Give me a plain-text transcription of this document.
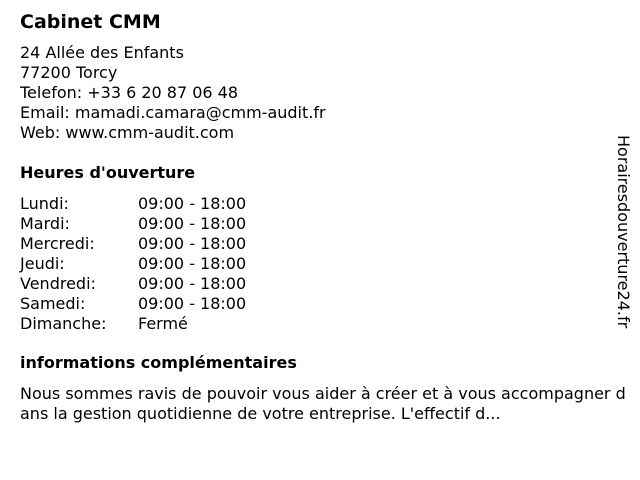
Cabinet CMM
24 Allée des Enfants
77200 Torcy
Telefon: +33 6 20 87 06 48
Email: mamadi.camara@cmm-audit.fr
Web: www.cmm-audit.com
Heures d'ouverture
Lundi:	09:00 - 18:00
Mardi:	09:00 - 18:00
Mercredi:	09:00 - 18:00
Jeudi:	09:00 - 18:00
Vendredi:	09:00 - 18:00
Samedi:	09:00 - 18:00
Dimanche: Fermé
informations complémentaires

Nous sommes ravis de pouvoir vous aider à créer et à vous accompagner dans la gestion quotidienne de votre entreprise. L'effectif d...

Horairesdouverture24.fr
